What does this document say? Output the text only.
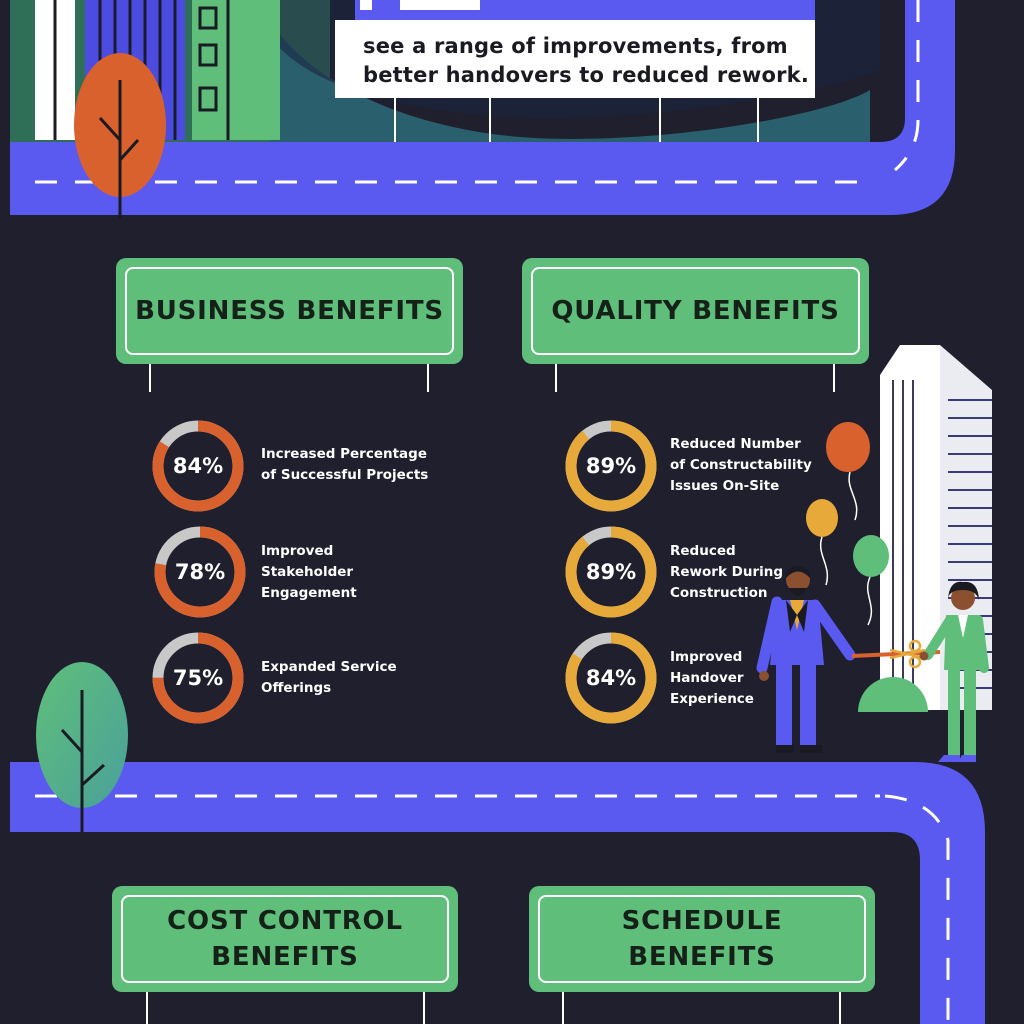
see a range of improvements, from
better handovers to reduced rework.
BUSINESS BENEFITS	QUALITY BENEFITS
COST CONTROL
BENEFITS
SCHEDULE
BENEFITS
84%	Increased Percentage
of Successful Projects
78%
Improved
Stakeholder
Engagement
75%	Expanded Service
Offerings
89%
Reduced Number
of Constructability
Issues On-Site
89%
Reduced
Rework During
Construction
84%
Improved
Handover
Experience
